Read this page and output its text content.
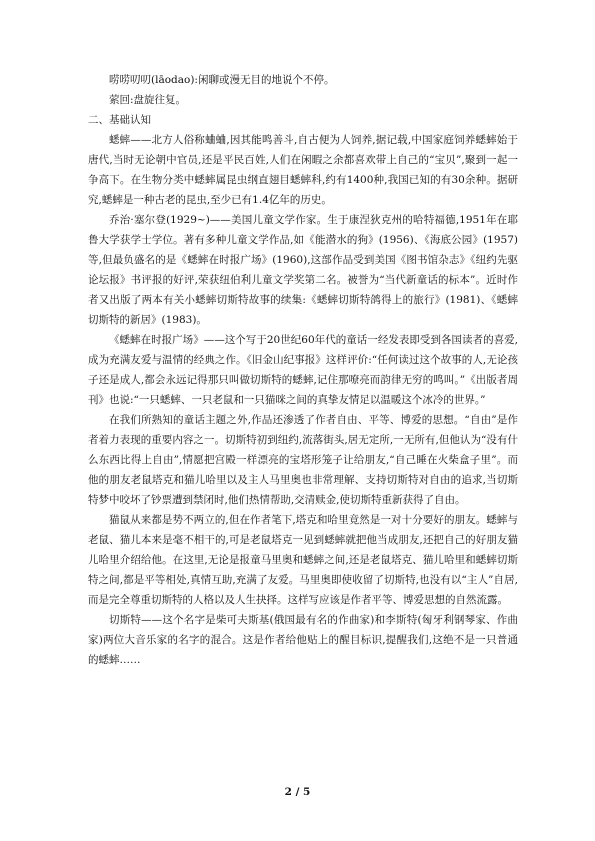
唠唠叨叨(lāodao):闲聊或漫无目的地说个不停。

萦回:盘旋往复。

二、基础认知

蟋蟀——北方人俗称蛐蛐,因其能鸣善斗,自古便为人饲养,据记载,中国家庭饲养蟋蟀始于唐代,当时无论朝中官员,还是平民百姓,人们在闲暇之余都喜欢带上自己的“宝贝”,聚到一起一争高下。在生物分类中蟋蟀属昆虫纲直翅目蟋蟀科,约有1400种,我国已知的有30余种。据研究,蟋蟀是一种古老的昆虫,至少已有1.4亿年的历史。

乔治·塞尔登(1929~)——美国儿童文学作家。生于康涅狄克州的哈特福德,1951年在耶鲁大学获学士学位。著有多种儿童文学作品,如《能潜水的狗》(1956)、《海底公园》(1957)等,但最负盛名的是《蟋蟀在时报广场》(1960),这部作品受到美国《图书馆杂志》《纽约先驱论坛报》书评报的好评,荣获纽伯利儿童文学奖第二名。被誉为“当代新童话的标本”。近时作者又出版了两本有关小蟋蟀切斯特故事的续集:《蟋蟀切斯特鸽得上的旅行》(1981)、《蟋蟀切斯特的新居》(1983)。

《蟋蟀在时报广场》——这个写于20世纪60年代的童话一经发表即受到各国读者的喜爱,成为充满友爱与温情的经典之作。《旧金山纪事报》这样评价:“任何读过这个故事的人,无论孩子还是成人,都会永远记得那只叫做切斯特的蟋蟀,记住那嘹亮而韵律无穷的鸣叫。”《出版者周刊》也说:“一只蟋蟀、一只老鼠和一只猫咪之间的真挚友情足以温暖这个冰冷的世界。”

在我们所熟知的童话主题之外,作品还渗透了作者自由、平等、博爱的思想。“自由”是作者着力表现的重要内容之一。切斯特初到纽约,流落街头,居无定所,一无所有,但他认为“没有什么东西比得上自由”,情愿把宫殿一样漂亮的宝塔形笼子让给朋友,“自己睡在火柴盒子里”。而他的朋友老鼠塔克和猫儿哈里以及主人马里奥也非常理解、支持切斯特对自由的追求,当切斯特梦中咬坏了钞票遭到禁闭时,他们热情帮助,交清赎金,使切斯特重新获得了自由。

猫鼠从来都是势不两立的,但在作者笔下,塔克和哈里竟然是一对十分要好的朋友。蟋蟀与老鼠、猫儿本来是毫不相干的,可是老鼠塔克一见到蟋蟀就把他当成朋友,还把自己的好朋友猫儿哈里介绍给他。在这里,无论是报童马里奥和蟋蟀之间,还是老鼠塔克、猫儿哈里和蟋蟀切斯特之间,都是平等相处,真情互助,充满了友爱。马里奥即使收留了切斯特,也没有以“主人”自居,而是完全尊重切斯特的人格以及人生抉择。这样写应该是作者平等、博爱思想的自然流露。

切斯特——这个名字是柴可夫斯基(俄国最有名的作曲家)和李斯特(匈牙利钢琴家、作曲家)两位大音乐家的名字的混合。这是作者给他贴上的醒目标识,提醒我们,这绝不是一只普通的蟋蟀……

2 / 5
